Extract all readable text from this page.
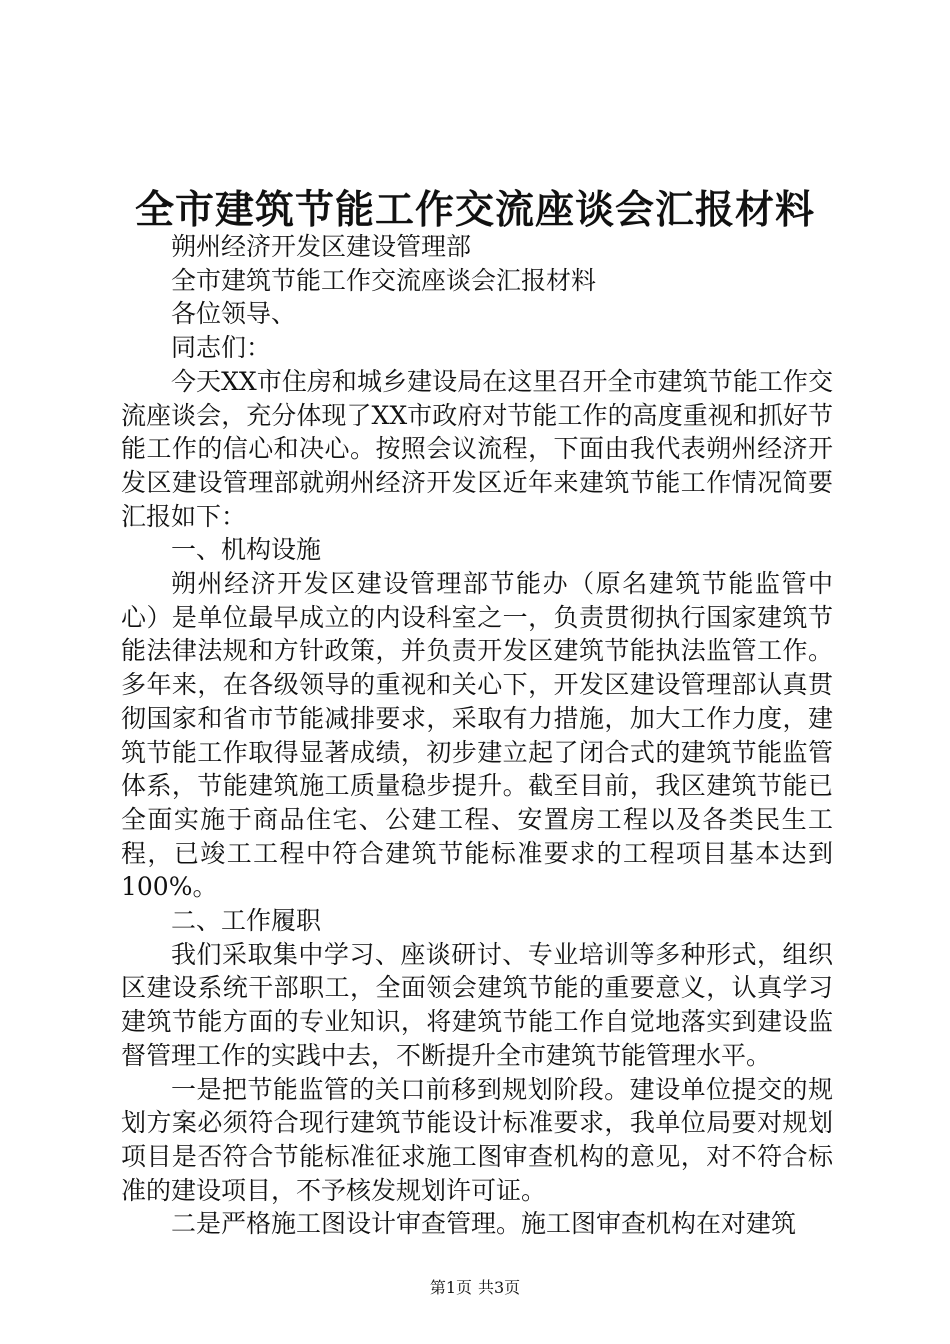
全市建筑节能工作交流座谈会汇报材料

朔州经济开发区建设管理部

全市建筑节能工作交流座谈会汇报材料

各位领导、

同志们：

今天XX市住房和城乡建设局在这里召开全市建筑节能工作交流座谈会，充分体现了XX市政府对节能工作的高度重视和抓好节能工作的信心和决心。按照会议流程，下面由我代表朔州经济开发区建设管理部就朔州经济开发区近年来建筑节能工作情况简要汇报如下：

一、机构设施

朔州经济开发区建设管理部节能办（原名建筑节能监管中心）是单位最早成立的内设科室之一，负责贯彻执行国家建筑节能法律法规和方针政策，并负责开发区建筑节能执法监管工作。多年来，在各级领导的重视和关心下，开发区建设管理部认真贯彻国家和省市节能减排要求，采取有力措施，加大工作力度，建筑节能工作取得显著成绩，初步建立起了闭合式的建筑节能监管体系，节能建筑施工质量稳步提升。截至目前，我区建筑节能已全面实施于商品住宅、公建工程、安置房工程以及各类民生工程，已竣工工程中符合建筑节能标准要求的工程项目基本达到100%。

二、工作履职

我们采取集中学习、座谈研讨、专业培训等多种形式，组织区建设系统干部职工，全面领会建筑节能的重要意义，认真学习建筑节能方面的专业知识，将建筑节能工作自觉地落实到建设监督管理工作的实践中去，不断提升全市建筑节能管理水平。

一是把节能监管的关口前移到规划阶段。建设单位提交的规划方案必须符合现行建筑节能设计标准要求，我单位局要对规划项目是否符合节能标准征求施工图审查机构的意见，对不符合标准的建设项目，不予核发规划许可证。

二是严格施工图设计审查管理。施工图审查机构在对建筑

第1页 共3页
